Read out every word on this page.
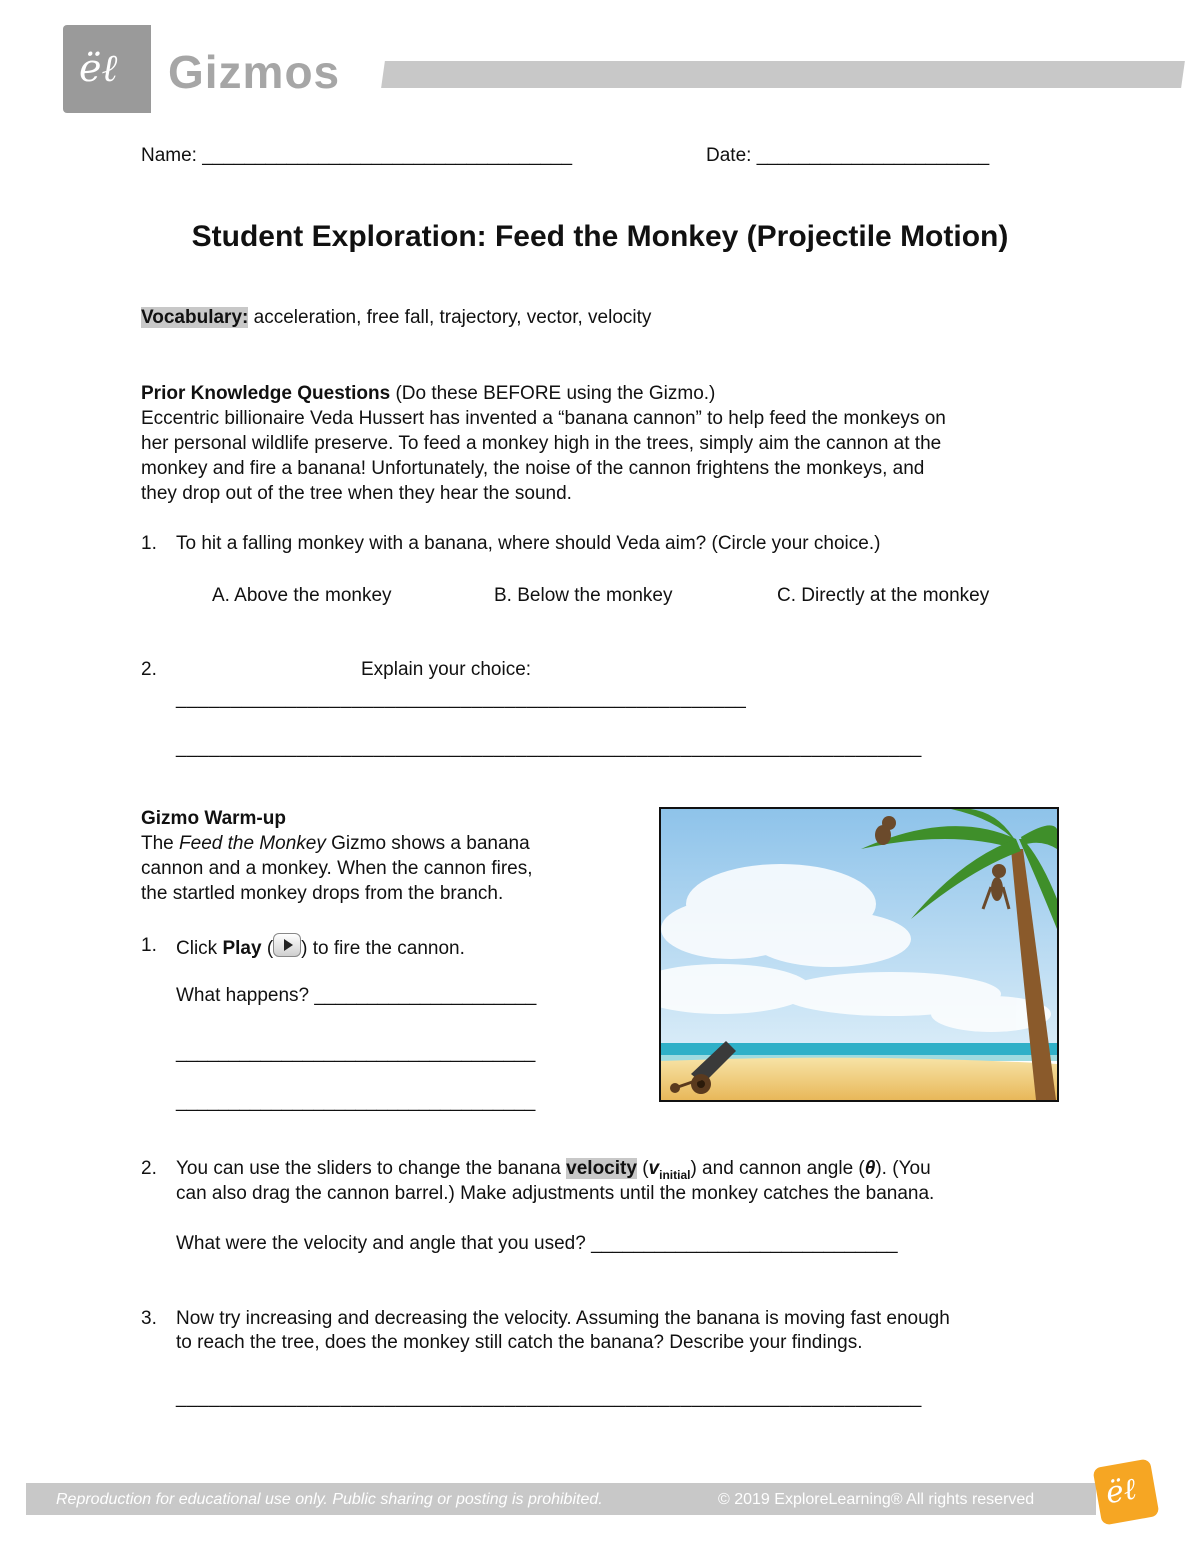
ëℓ Gizmos
Name: ___________________________________	Date: ______________________
Student Exploration: Feed the Monkey (Projectile Motion)
Vocabulary: acceleration, free fall, trajectory, vector, velocity
Prior Knowledge Questions (Do these BEFORE using the Gizmo.)
Eccentric billionaire Veda Hussert has invented a “banana cannon” to help feed the monkeys on
her personal wildlife preserve. To feed a monkey high in the trees, simply aim the cannon at the
monkey and fire a banana! Unfortunately, the noise of the cannon frightens the monkeys, and
they drop out of the tree when they hear the sound.
1. To hit a falling monkey with a banana, where should Veda aim? (Circle your choice.)
A. Above the monkey	B. Below the monkey	C. Directly at the monkey
2.	Explain your choice:
____________________________________________________
____________________________________________________________________
Gizmo Warm-up
The Feed the Monkey Gizmo shows a banana
cannon and a monkey. When the cannon fires,
the startled monkey drops from the branch.
1. Click Play ( ) to fire the cannon.
What happens? _____________________
__________________________________
__________________________________
2. You can use the sliders to change the banana velocity $(v_{initial})$ and cannon angle (θ). (You
can also drag the cannon barrel.) Make adjustments until the monkey catches the banana.
What were the velocity and angle that you used? _____________________________
3. Now try increasing and decreasing the velocity. Assuming the banana is moving fast enough
to reach the tree, does the monkey still catch the banana? Describe your findings.
____________________________________________________________________
Reproduction for educational use only. Public sharing or posting is prohibited.	© 2019 ExploreLearning® All rights reserved ëℓ
